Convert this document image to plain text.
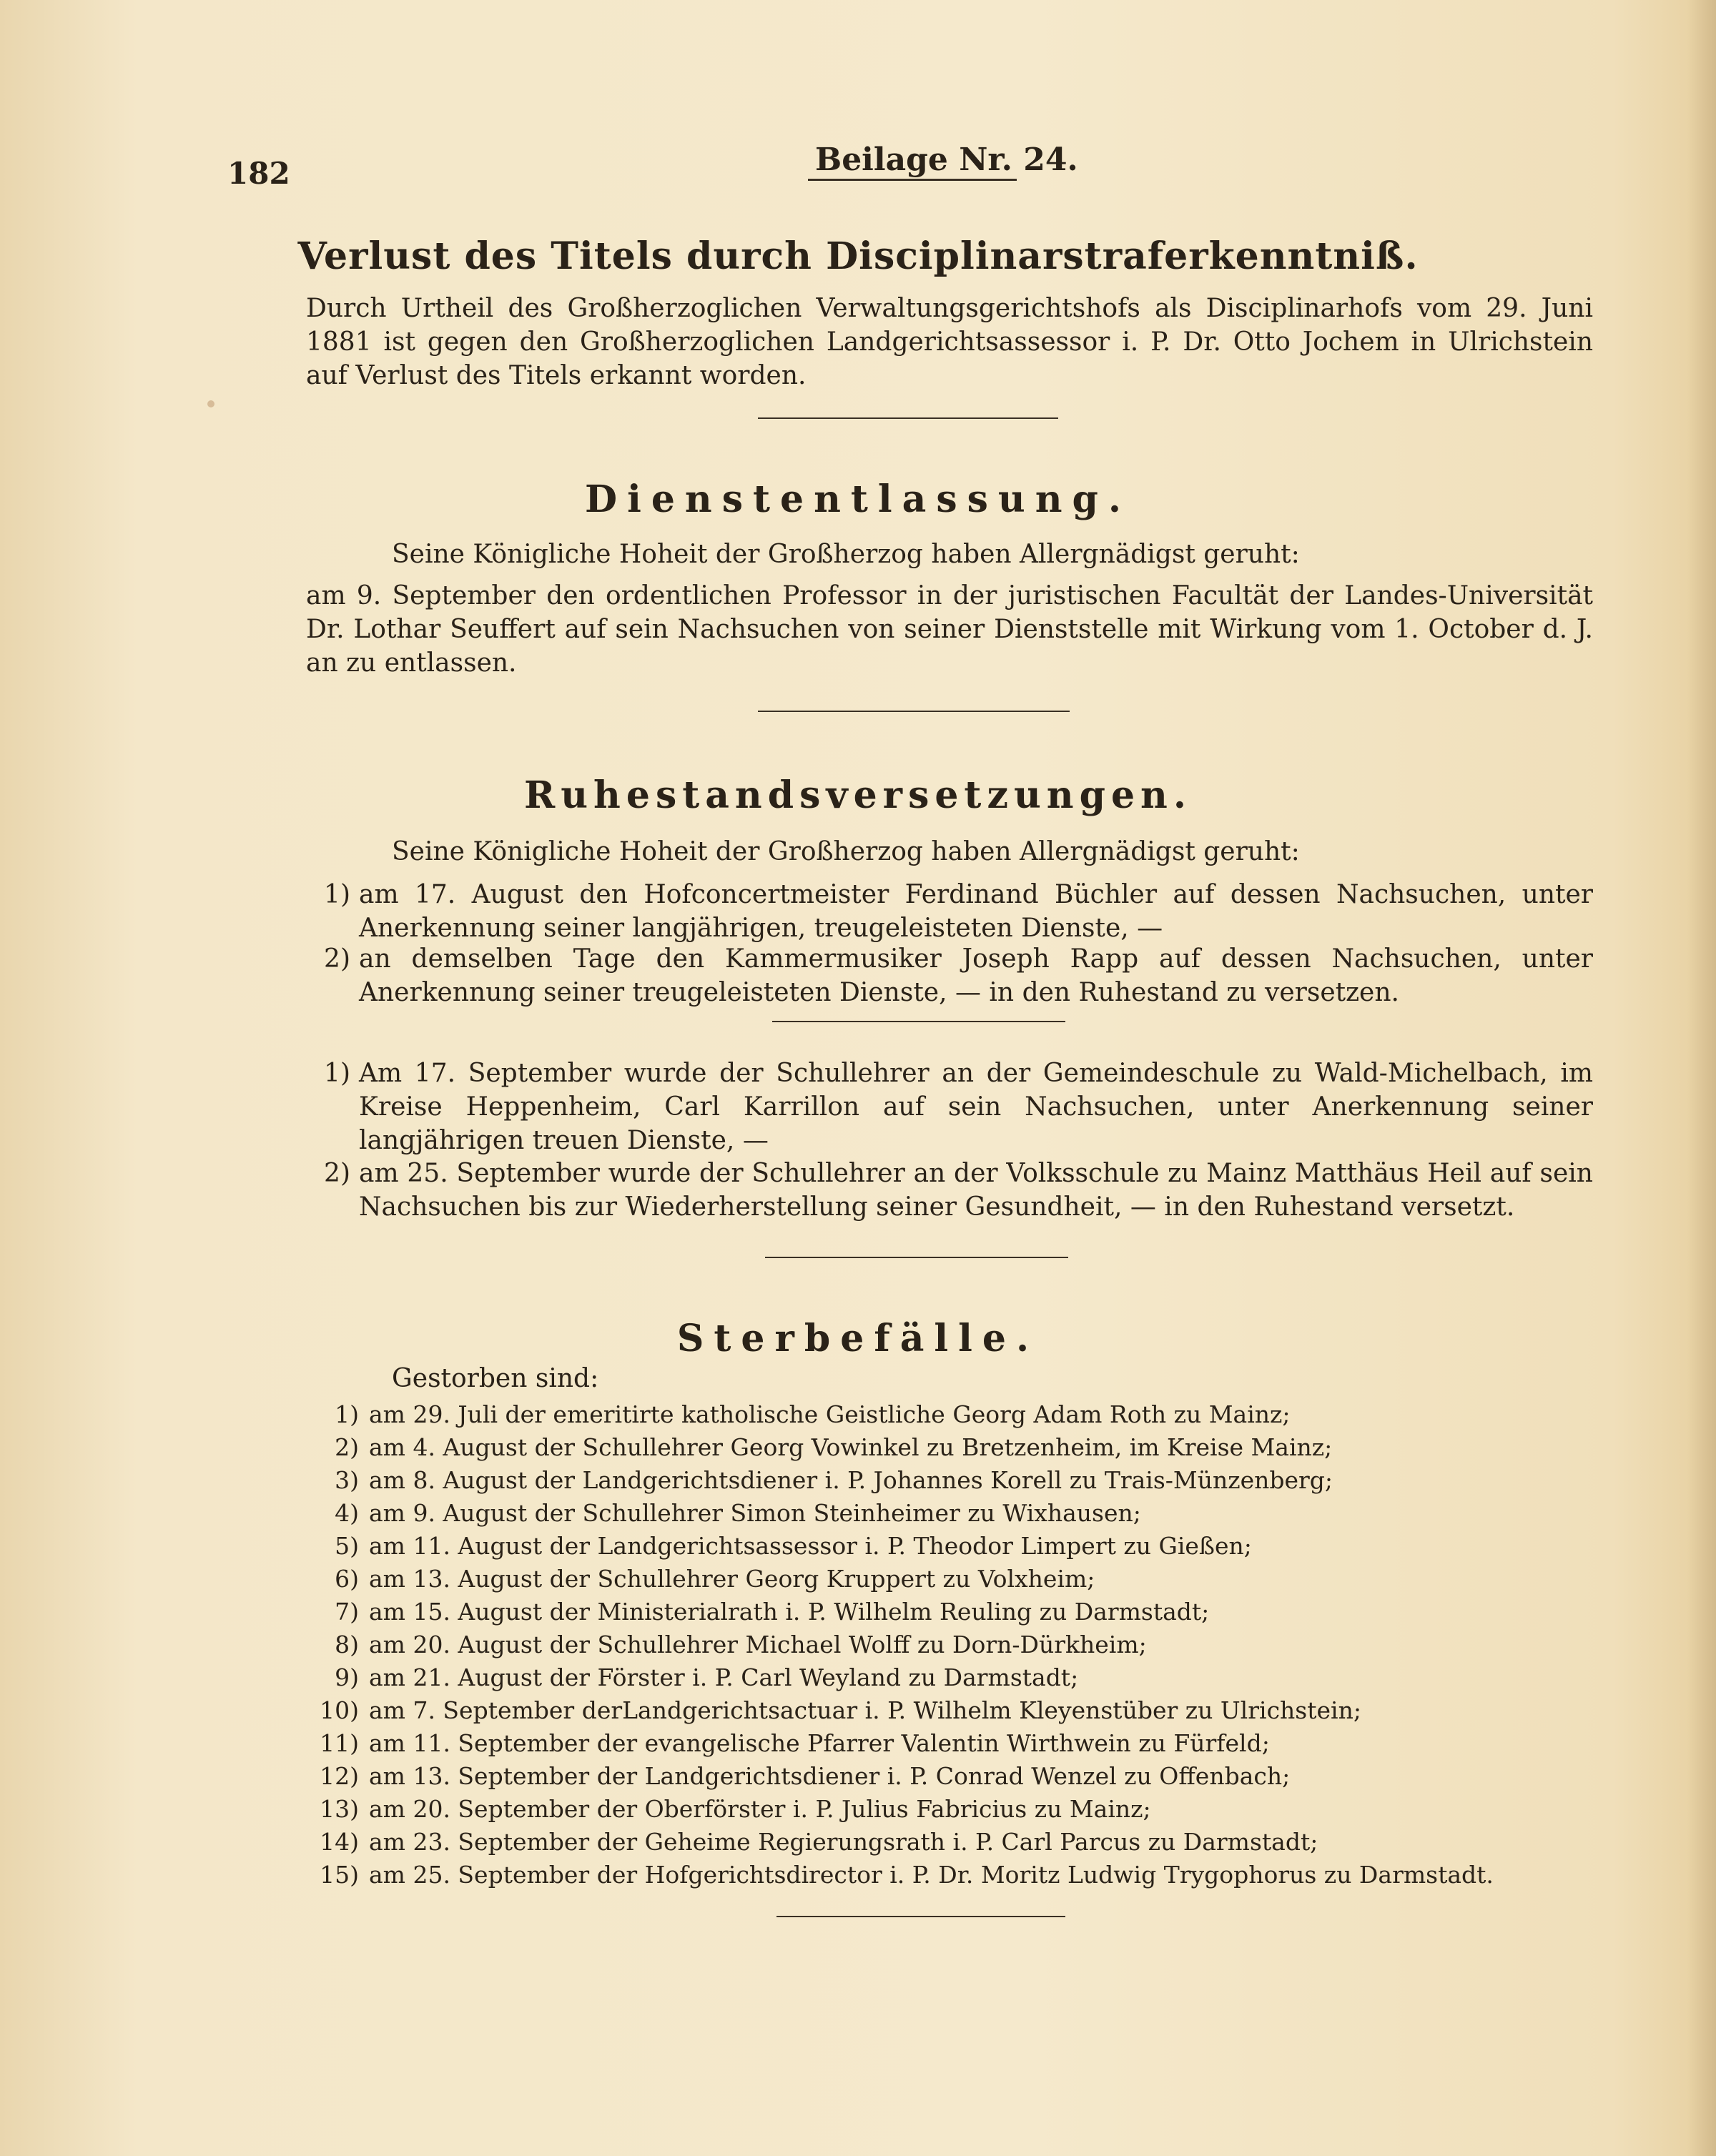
182	Beilage Nr. 24.
Verlust des Titels durch Disciplinarstraferkenntniß.
Durch Urtheil des Großherzoglichen Verwaltungsgerichtshofs als Disciplinarhofs vom 29. Juni 1881 ist gegen den Großherzoglichen Landgerichtsassessor i. P. Dr. Otto Jochem in Ulrichstein auf Verlust des Titels erkannt worden.
Dienstentlassung.
Seine Königliche Hoheit der Großherzog haben Allergnädigst geruht:
am 9. September den ordentlichen Professor in der juristischen Facultät der Landes-Universität Dr. Lothar Seuffert auf sein Nachsuchen von seiner Dienststelle mit Wirkung vom 1. October d. J. an zu entlassen.
Ruhestandsversetzungen.
Seine Königliche Hoheit der Großherzog haben Allergnädigst geruht:
1) am 17. August den Hofconcertmeister Ferdinand Büchler auf dessen Nachsuchen, unter Anerkennung seiner langjährigen, treugeleisteten Dienste, —
2) an demselben Tage den Kammermusiker Joseph Rapp auf dessen Nachsuchen, unter Anerkennung seiner treugeleisteten Dienste, — in den Ruhestand zu versetzen.
1) Am 17. September wurde der Schullehrer an der Gemeindeschule zu Wald-Michelbach, im Kreise Heppenheim, Carl Karrillon auf sein Nachsuchen, unter Anerkennung seiner langjährigen treuen Dienste, —
2) am 25. September wurde der Schullehrer an der Volksschule zu Mainz Matthäus Heil auf sein Nachsuchen bis zur Wiederherstellung seiner Gesundheit, — in den Ruhestand versetzt.
Sterbefälle.
Gestorben sind:
1) am 29. Juli der emeritirte katholische Geistliche Georg Adam Roth zu Mainz;
2) am 4. August der Schullehrer Georg Vowinkel zu Bretzenheim, im Kreise Mainz;
3) am 8. August der Landgerichtsdiener i. P. Johannes Korell zu Trais-Münzenberg;
4) am 9. August der Schullehrer Simon Steinheimer zu Wixhausen;
5) am 11. August der Landgerichtsassessor i. P. Theodor Limpert zu Gießen;
6) am 13. August der Schullehrer Georg Kruppert zu Volxheim;
7) am 15. August der Ministerialrath i. P. Wilhelm Reuling zu Darmstadt;
8) am 20. August der Schullehrer Michael Wolff zu Dorn-Dürkheim;
9) am 21. August der Förster i. P. Carl Weyland zu Darmstadt;
10) am 7. September derLandgerichtsactuar i. P. Wilhelm Kleyenstüber zu Ulrichstein;
11) am 11. September der evangelische Pfarrer Valentin Wirthwein zu Fürfeld;
12) am 13. September der Landgerichtsdiener i. P. Conrad Wenzel zu Offenbach;
13) am 20. September der Oberförster i. P. Julius Fabricius zu Mainz;
14) am 23. September der Geheime Regierungsrath i. P. Carl Parcus zu Darmstadt;
15) am 25. September der Hofgerichtsdirector i. P. Dr. Moritz Ludwig Trygophorus zu Darmstadt.
